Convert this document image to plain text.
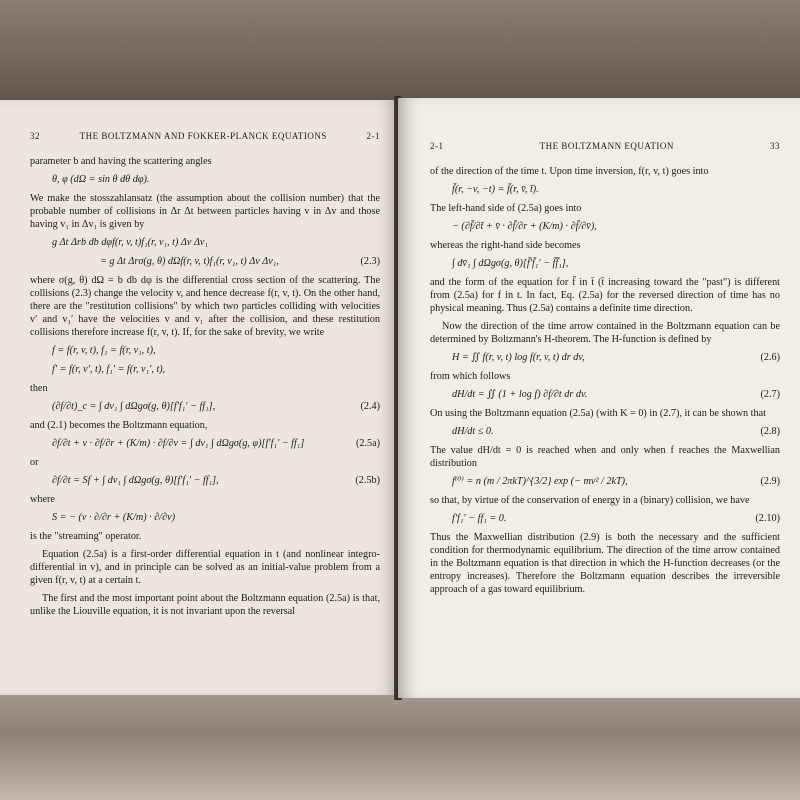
32	THE BOLTZMANN AND FOKKER-PLANCK EQUATIONS	2-1

parameter b and having the scattering angles

θ, φ (dΩ = sin θ dθ dφ).

We make the stosszahlansatz (the assumption about the collision number) that the probable number of collisions in Δr Δt between particles having v in Δv and those having v₁ in Δv₁ is given by

g Δt Δrb db dφf(r, v, t)f₁(r, v₁, t) Δv Δv₁
= g Δt Δrσ(g, θ) dΩf(r, v, t)f₁(r, v₁, t) Δv Δv₁,	(2.3)

where σ(g, θ) dΩ = b db dφ is the differential cross section of the scattering. The collisions (2.3) change the velocity v, and hence decrease f(r, v, t). On the other hand, there are the "restitution collisions" by which two particles colliding with velocities v′ and v₁′ have the velocities v and v₁ after the collision, and these restitution collisions therefore increase f(r, v, t). If, for the sake of brevity, we write

f = f(r, v, t), f₁ = f(r, v₁, t),
f′ = f(r, v′, t), f₁′ = f(r, v₁′, t),

then

(∂f/∂t)_c = ∫ dv₁ ∫ dΩgσ(g, θ)[f′f₁′ − ff₁],	(2.4)

and (2.1) becomes the Boltzmann equation,

∂f/∂t + v · ∂f/∂r + (K/m) · ∂f/∂v = ∫ dv₁ ∫ dΩgσ(g, φ)[f′f₁′ − ff₁]	(2.5a)

or

∂f/∂t = Sf + ∫ dv₁ ∫ dΩgσ(g, θ)[f′f₁′ − ff₁],	(2.5b)

where

S = − (v · ∂/∂r + (K/m) · ∂/∂v)

is the "streaming" operator.

Equation (2.5a) is a first-order differential equation in t (and nonlinear integro-differential in v), and in principle can be solved as an initial-value problem from a given f(r, v, t) at a certain t.

The first and the most important point about the Boltzmann equation (2.5a) is that, unlike the Liouville equation, it is not invariant upon the reversal

2-1	THE BOLTZMANN EQUATION	33

of the direction of the time t. Upon time inversion, f(r, v, t) goes into

f̄(r, −v, −t) = f̄(r, v̄, t̄).

The left-hand side of (2.5a) goes into

− (∂f̄/∂t̄ + v̄ · ∂f̄/∂r + (K/m) · ∂f̄/∂v̄),

whereas the right-hand side becomes

∫ dv̄₁ ∫ dΩgσ(g, θ)[f̄′f̄₁′ − f̄f̄₁],

and the form of the equation for f̄ in t̄ (t̄ increasing toward the "past") is different from (2.5a) for f in t. In fact, Eq. (2.5a) for the reversed direction of time has no physical meaning. Thus (2.5a) contains a definite time direction.

Now the direction of the time arrow contained in the Boltzmann equation can be determined by Boltzmann's H-theorem. The H-function is defined by

H = ∬ f(r, v, t) log f(r, v, t) dr dv,	(2.6)

from which follows

dH/dt = ∬ (1 + log f) ∂f/∂t dr dv.	(2.7)

On using the Boltzmann equation (2.5a) (with K = 0) in (2.7), it can be shown that

dH/dt ≤ 0.	(2.8)

The value dH/dt = 0 is reached when and only when f reaches the Maxwellian distribution

f⁽⁰⁾ = n (m / 2πkT)^{3/2} exp (− mv² / 2kT),	(2.9)

so that, by virtue of the conservation of energy in a (binary) collision, we have

f′f₁′ − ff₁ = 0.	(2.10)

Thus the Maxwellian distribution (2.9) is both the necessary and the sufficient condition for thermodynamic equilibrium. The direction of the time arrow contained in the Boltzmann equation is that direction in which the H-function decreases (or the entropy increases). Therefore the Boltzmann equation describes the irreversible approach of a gas toward equilibrium.
